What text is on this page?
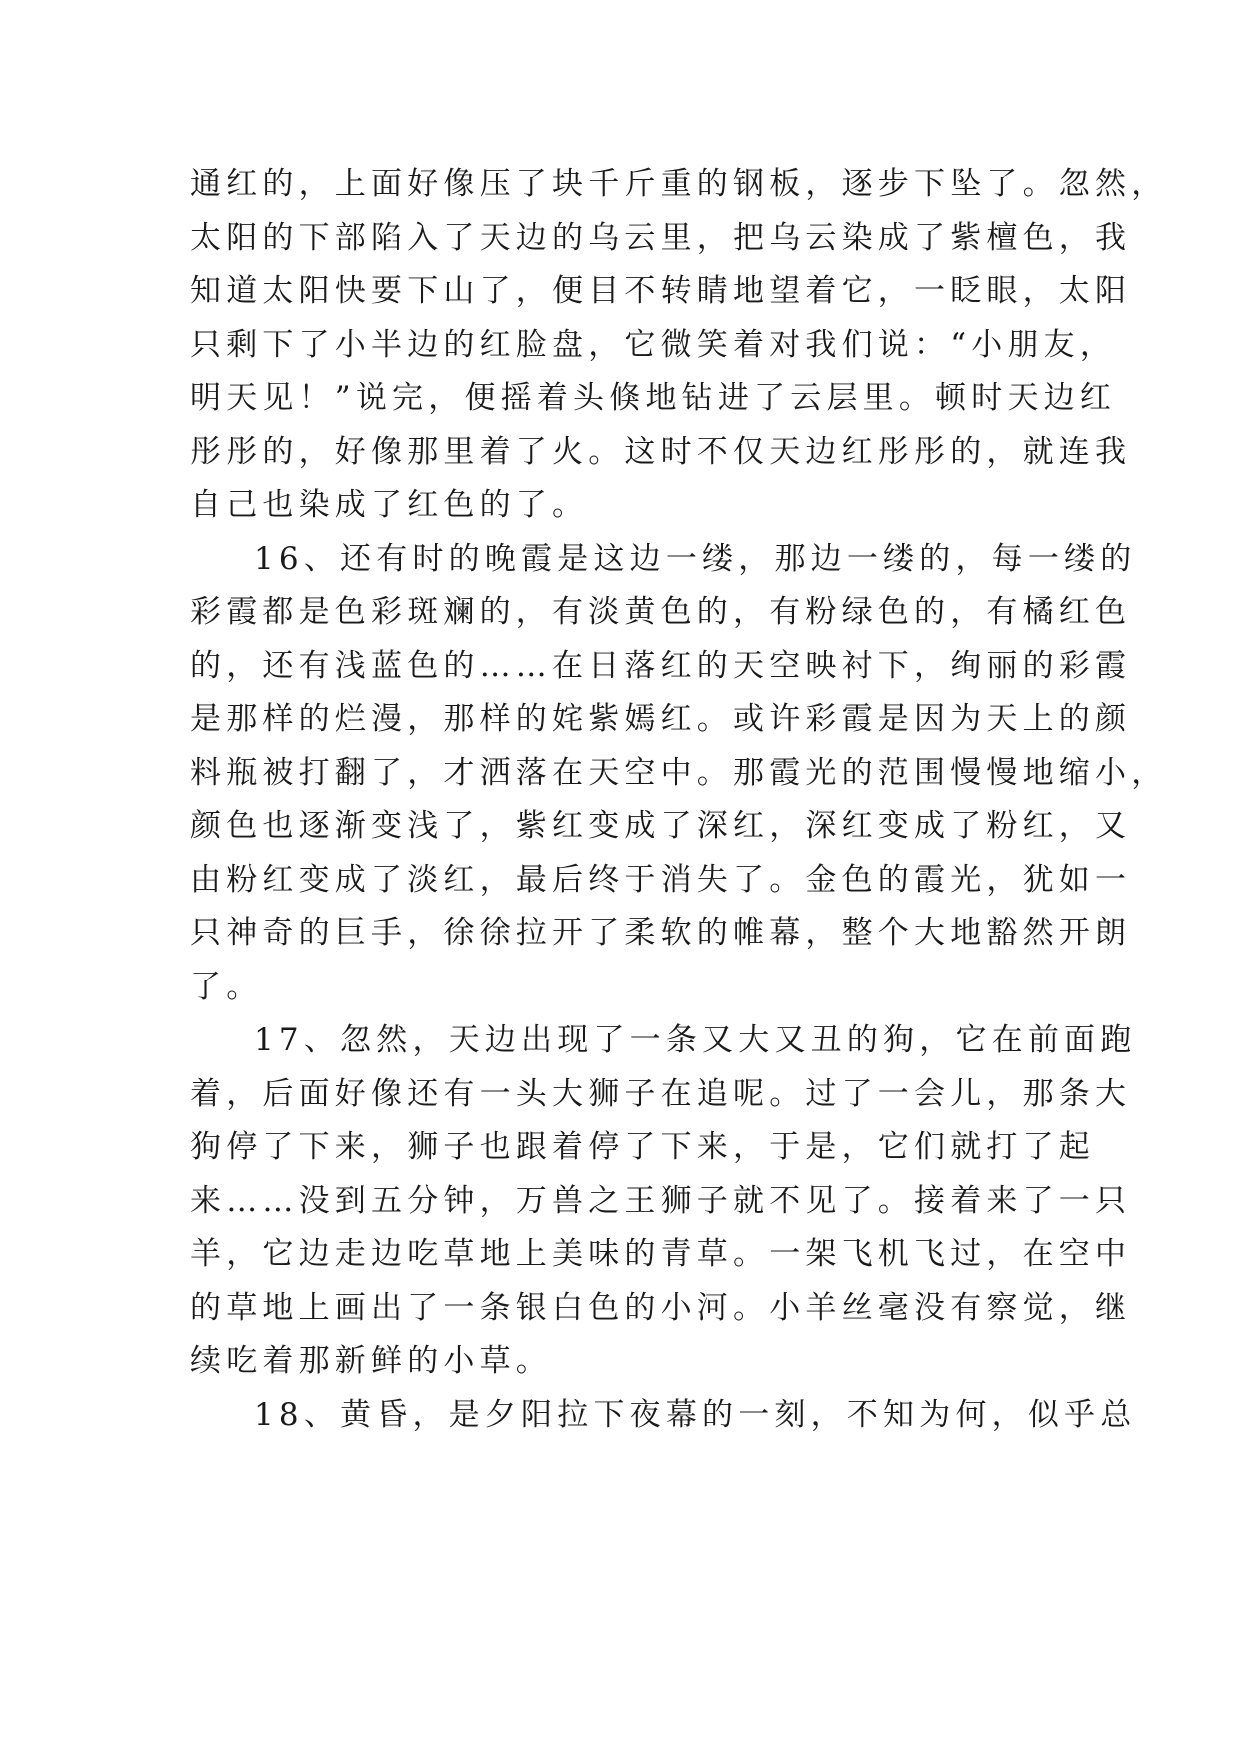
通红的，上面好像压了块千斤重的钢板，逐步下坠了。忽然，
太阳的下部陷入了天边的乌云里，把乌云染成了紫檀色，我
知道太阳快要下山了，便目不转睛地望着它，一眨眼，太阳
只剩下了小半边的红脸盘，它微笑着对我们说：“小朋友，
明天见！”说完，便摇着头倏地钻进了云层里。顿时天边红
彤彤的，好像那里着了火。这时不仅天边红彤彤的，就连我
自己也染成了红色的了。
16、还有时的晚霞是这边一缕，那边一缕的，每一缕的
彩霞都是色彩斑斓的，有淡黄色的，有粉绿色的，有橘红色
的，还有浅蓝色的……在日落红的天空映衬下，绚丽的彩霞
是那样的烂漫，那样的姹紫嫣红。或许彩霞是因为天上的颜
料瓶被打翻了，才洒落在天空中。那霞光的范围慢慢地缩小，
颜色也逐渐变浅了，紫红变成了深红，深红变成了粉红，又
由粉红变成了淡红，最后终于消失了。金色的霞光，犹如一
只神奇的巨手，徐徐拉开了柔软的帷幕，整个大地豁然开朗
了。
17、忽然，天边出现了一条又大又丑的狗，它在前面跑
着，后面好像还有一头大狮子在追呢。过了一会儿，那条大
狗停了下来，狮子也跟着停了下来，于是，它们就打了起
来……没到五分钟，万兽之王狮子就不见了。接着来了一只
羊，它边走边吃草地上美味的青草。一架飞机飞过，在空中
的草地上画出了一条银白色的小河。小羊丝毫没有察觉，继
续吃着那新鲜的小草。
18、黄昏，是夕阳拉下夜幕的一刻，不知为何，似乎总
